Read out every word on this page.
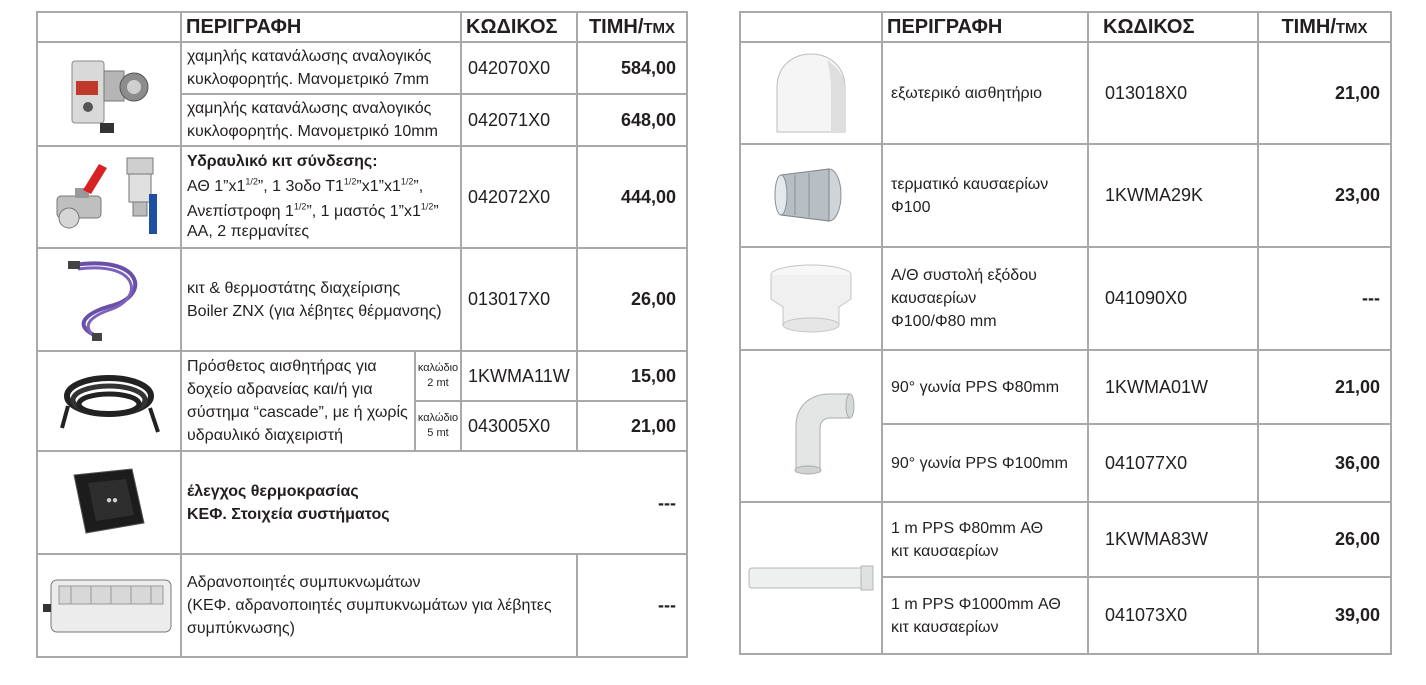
	ΠΕΡΙΓΡΑΦΗ		ΚΩΔΙΚΟΣ	ΤΙΜΗ/ΤΜΧ

	χαμηλής κατανάλωσης αναλογικός
κυκλοφορητής. Μανομετρικό 7mm		042070X0	584,00
	χαμηλής κατανάλωσης αναλογικός
κυκλοφορητής. Μανομετρικό 10mm		042071X0	648,00

	Υδραυλικό κιτ σύνδεσης:
ΑΘ $1”x1^{1/2}$”, 1 3οδο $T1^{1/2}”x1”x1^{1/2}$”,
Ανεπίστροφη $1^{1/2}$”, 1 μαστός $1”x1^{1/2}$”
ΑΑ, 2 περμανίτες		042072X0	444,00

	κιτ & θερμοστάτης διαχείρισης
Boiler ZNX (για λέβητες θέρμανσης)		013017X0	26,00

	Πρόσθετος αισθητήρας για
δοχείο αδρανείας και/ή για
σύστημα “cascade”, με ή χωρίς
υδραυλικό διαχειριστή	καλώδιο
2 mt	1KWMA11W	15,00
		καλώδιο
5 mt	043005X0	21,00

●●	έλεγχος θερμοκρασίας
ΚΕΦ. Στοιχεία συστήματος
---			

	Αδρανοποιητές συμπυκνωμάτων
(ΚΕΦ. αδρανοποιητές συμπυκνωμάτων για λέβητες
συμπύκνωσης)			---
	ΠΕΡΙΓΡΑΦΗ	ΚΩΔΙΚΟΣ	ΤΙΜΗ/ΤΜΧ

	εξωτερικό αισθητήριο	013018X0	21,00

	τερματικό καυσαερίων
Φ100	1KWMA29K	23,00

	Α/Θ συστολή εξόδου
καυσαερίων
Φ100/Φ80 mm	041090X0	---

	90° γωνία PPS Φ80mm	1KWMA01W	21,00
	90° γωνία PPS Φ100mm	041077X0	36,00

	1 m PPS Φ80mm ΑΘ
κιτ καυσαερίων	1KWMA83W	26,00
	1 m PPS Φ1000mm ΑΘ
κιτ καυσαερίων	041073X0	39,00
